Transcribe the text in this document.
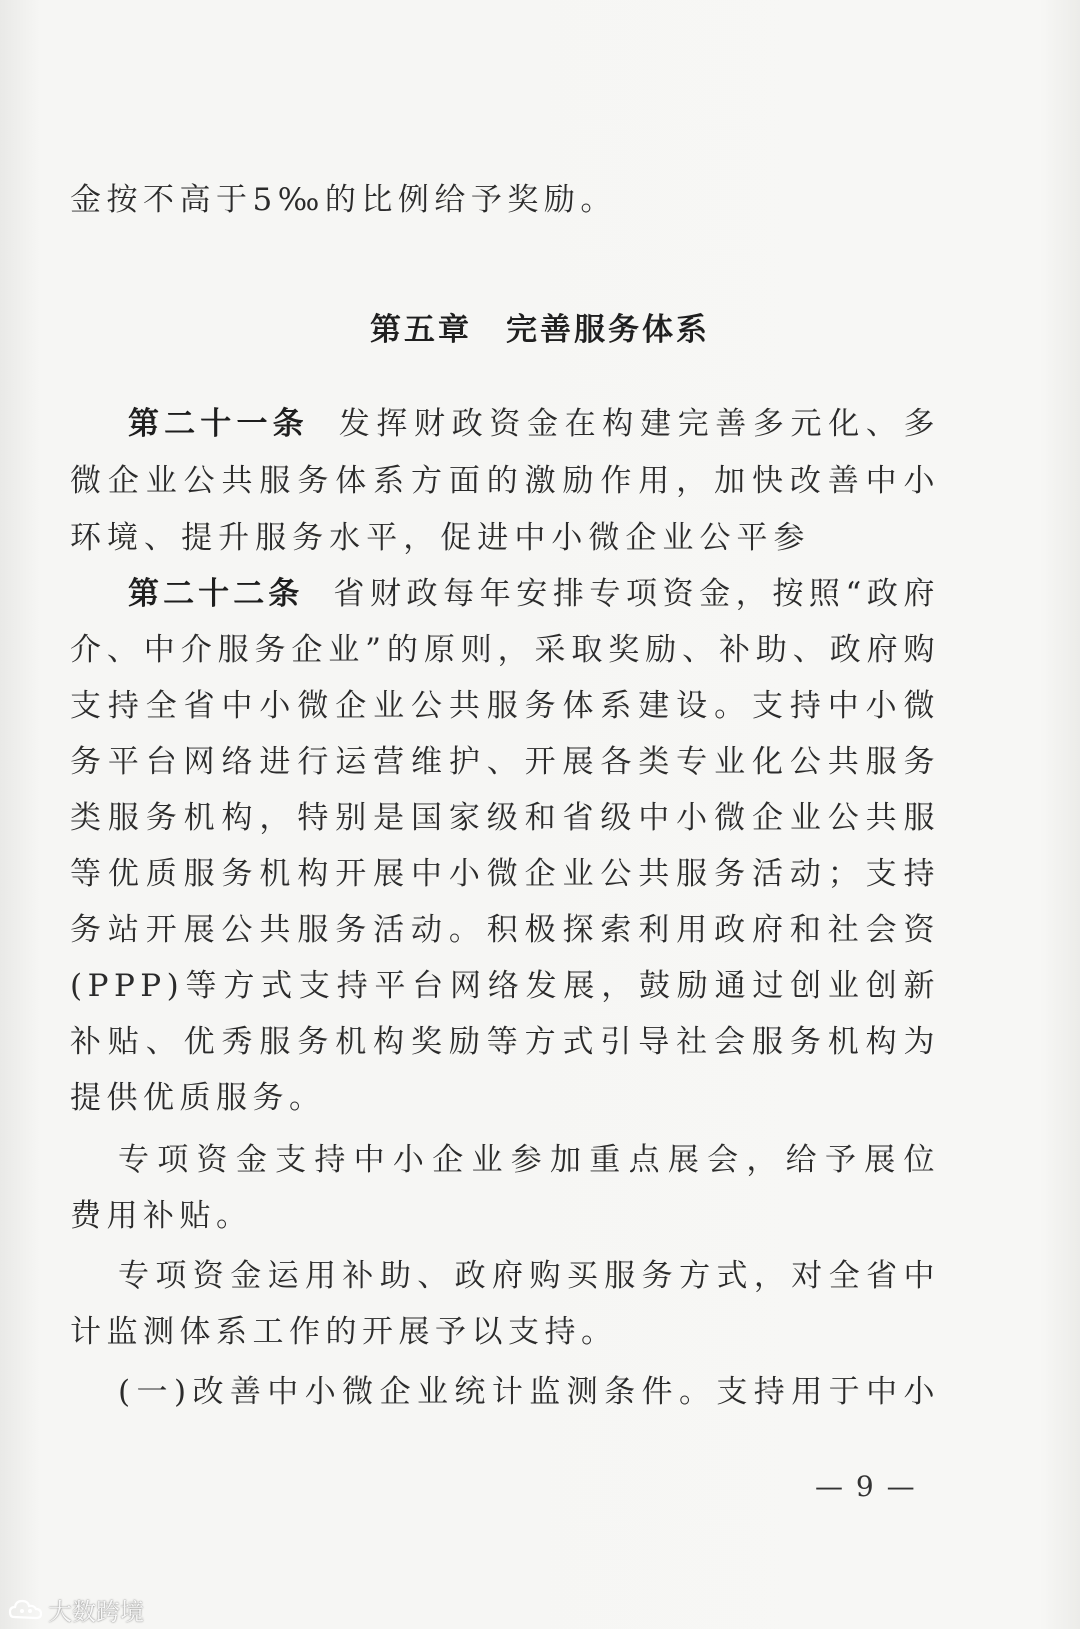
金按不高于5‰的比例给予奖励。
第五章 完善服务体系
第二十一条 发挥财政资金在构建完善多元化、多
微企业公共服务体系方面的激励作用，加快改善中小
环境、提升服务水平，促进中小微企业公平参
第二十二条 省财政每年安排专项资金，按照“政府
介、中介服务企业”的原则，采取奖励、补助、政府购
支持全省中小微企业公共服务体系建设。支持中小微
务平台网络进行运营维护、开展各类专业化公共服务
类服务机构，特别是国家级和省级中小微企业公共服
等优质服务机构开展中小微企业公共服务活动；支持
务站开展公共服务活动。积极探索利用政府和社会资
(PPP)等方式支持平台网络发展，鼓励通过创业创新
补贴、优秀服务机构奖励等方式引导社会服务机构为
提供优质服务。
专项资金支持中小企业参加重点展会，给予展位
费用补贴。
专项资金运用补助、政府购买服务方式，对全省中
计监测体系工作的开展予以支持。
(一)改善中小微企业统计监测条件。支持用于中小
— 9 —
大数跨境
